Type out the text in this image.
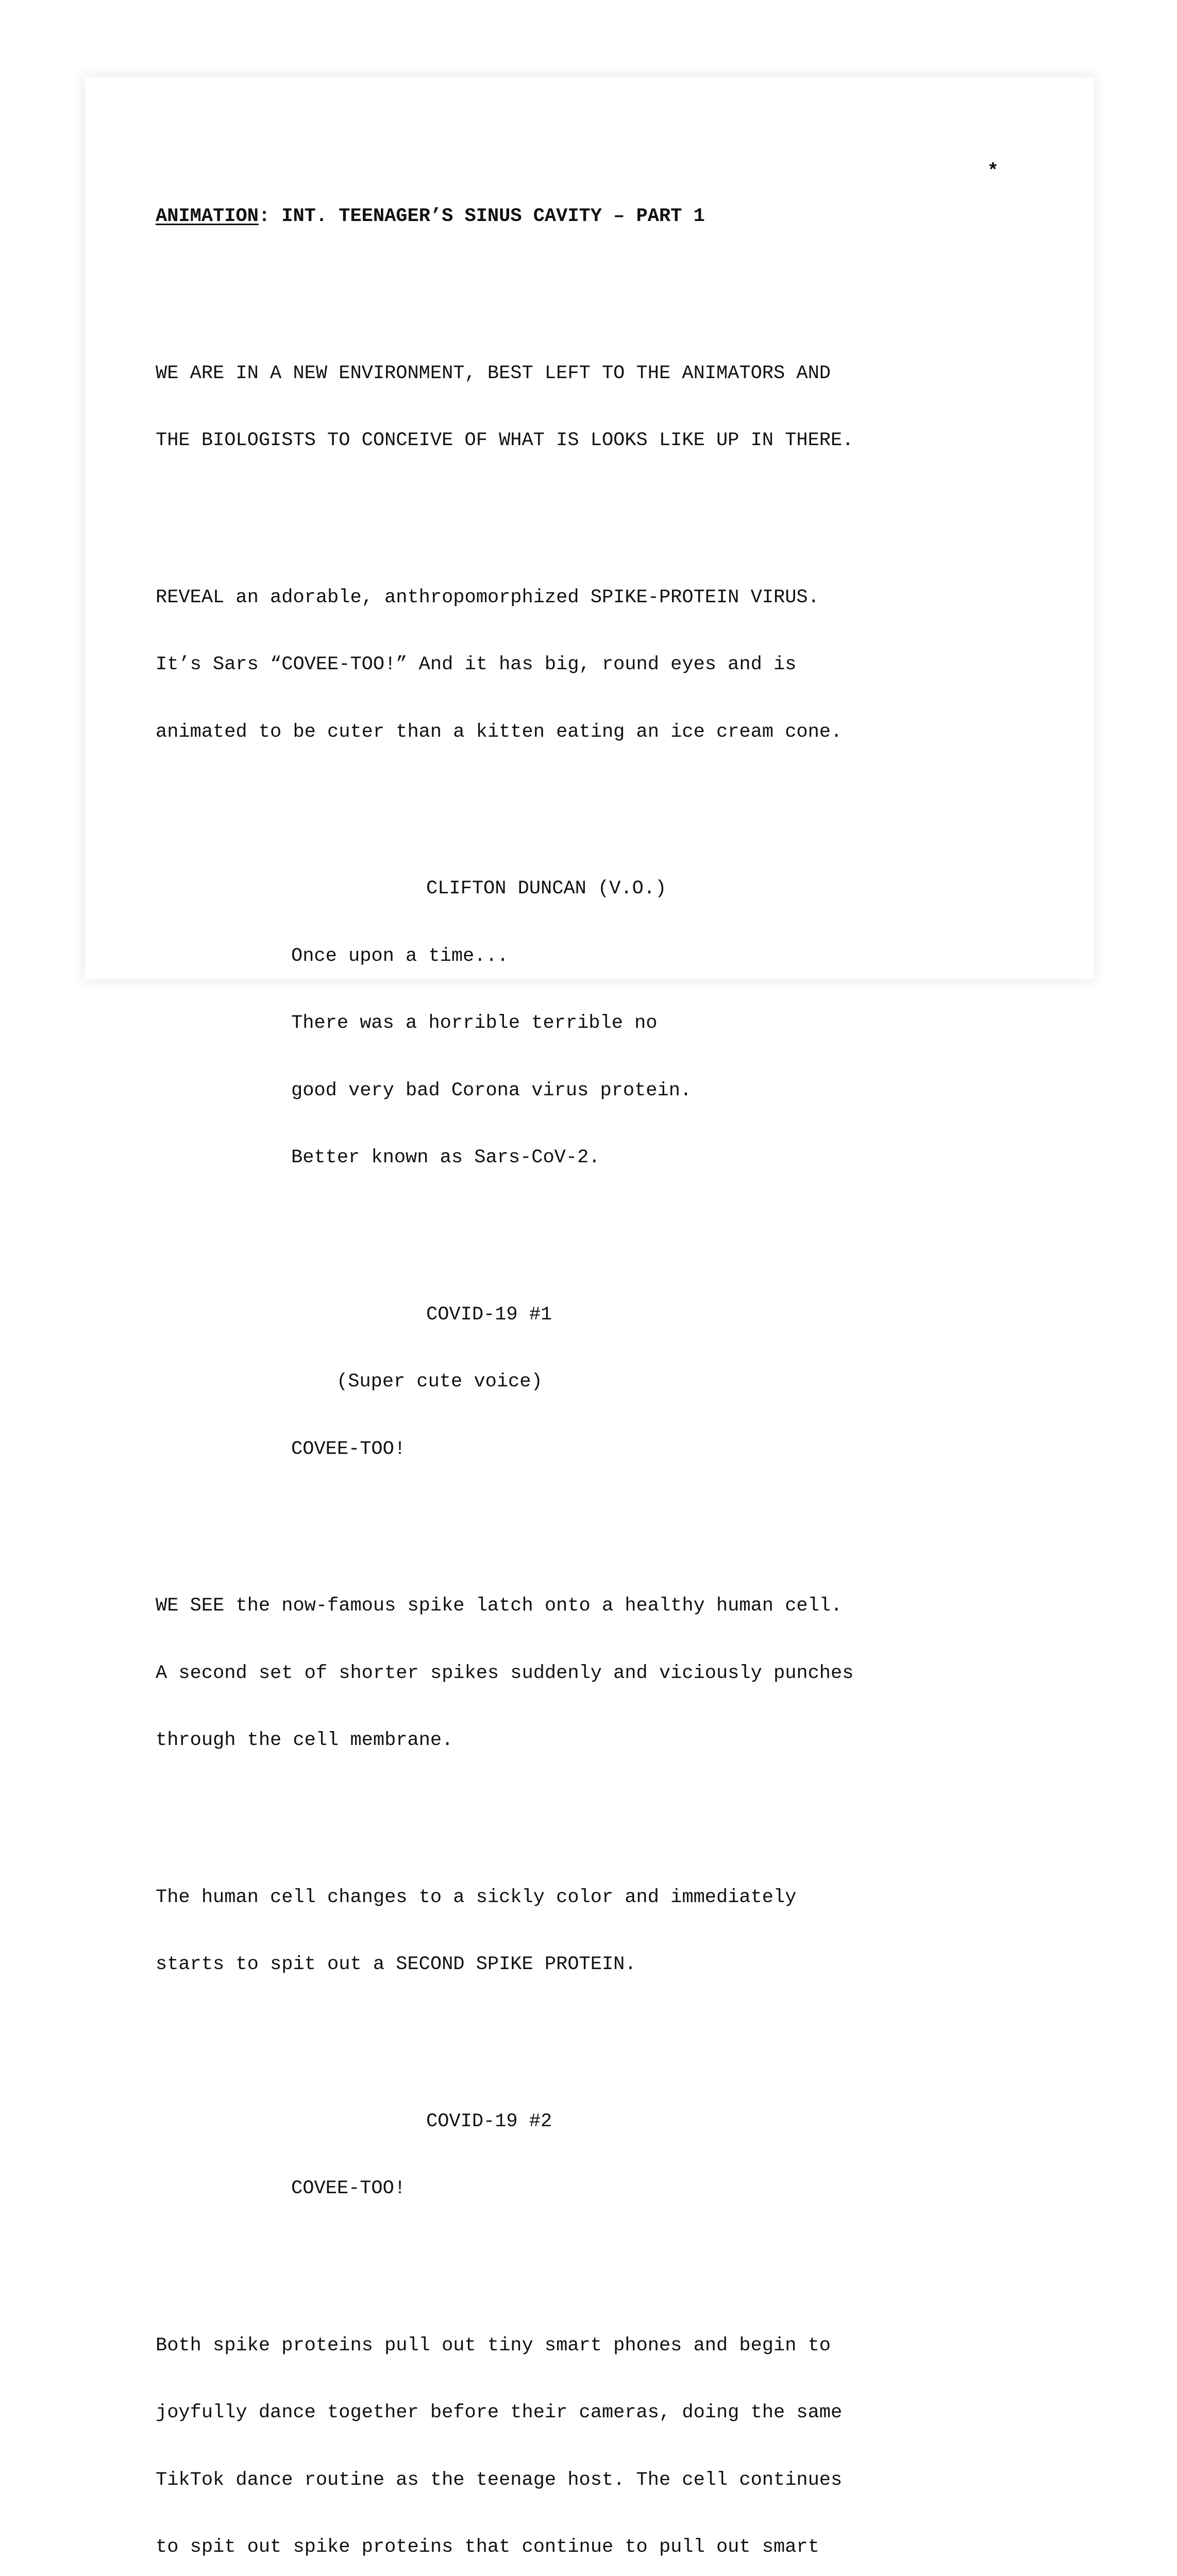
*

ANIMATION: INT. TEENAGER’S SINUS CAVITY – PART 1

WE ARE IN A NEW ENVIRONMENT, BEST LEFT TO THE ANIMATORS AND

THE BIOLOGISTS TO CONCEIVE OF WHAT IS LOOKS LIKE UP IN THERE.

REVEAL an adorable, anthropomorphized SPIKE-PROTEIN VIRUS.

It’s Sars “COVEE-TOO!” And it has big, round eyes and is

animated to be cuter than a kitten eating an ice cream cone.

CLIFTON DUNCAN (V.O.)

Once upon a time...

There was a horrible terrible no

good very bad Corona virus protein.

Better known as Sars-CoV-2.

COVID-19 #1

(Super cute voice)

COVEE-TOO!

WE SEE the now-famous spike latch onto a healthy human cell.

A second set of shorter spikes suddenly and viciously punches

through the cell membrane.

The human cell changes to a sickly color and immediately

starts to spit out a SECOND SPIKE PROTEIN.

COVID-19 #2

COVEE-TOO!

Both spike proteins pull out tiny smart phones and begin to

joyfully dance together before their cameras, doing the same

TikTok dance routine as the teenage host. The cell continues

to spit out spike proteins that continue to pull out smart
